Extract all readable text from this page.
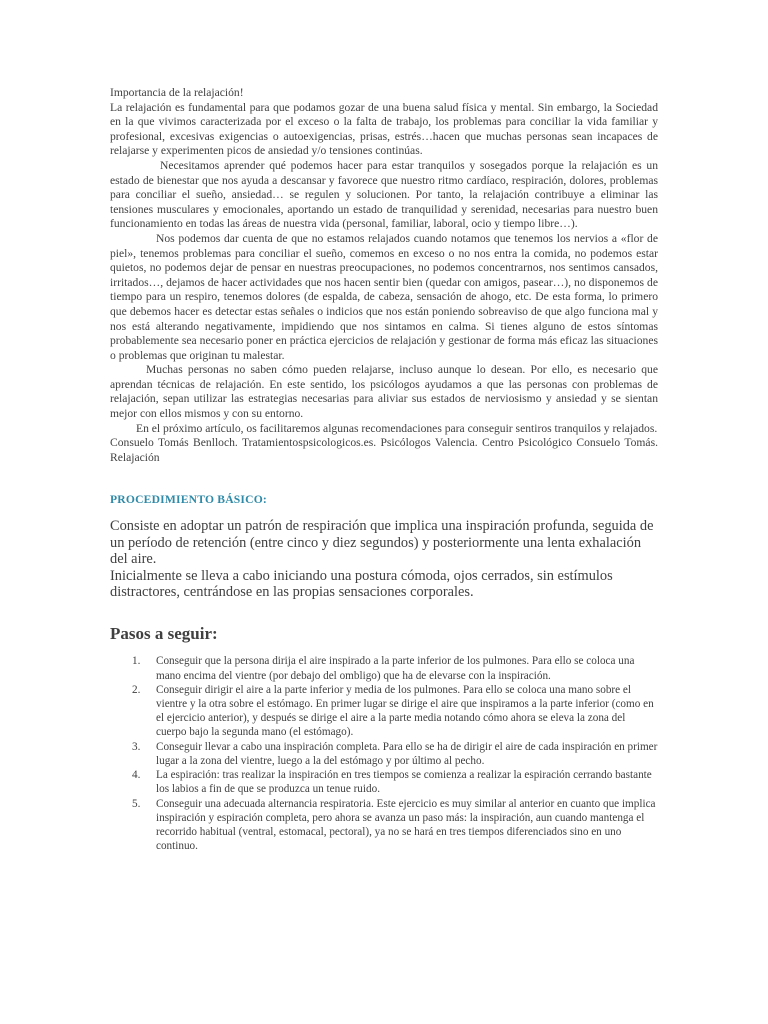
Importancia de la relajación!

La relajación es fundamental para que podamos gozar de una buena salud física y mental. Sin embargo, la Sociedad en la que vivimos caracterizada por el exceso o la falta de trabajo, los problemas para conciliar la vida familiar y profesional, excesivas exigencias o autoexigencias, prisas, estrés…hacen que muchas personas sean incapaces de relajarse y experimenten picos de ansiedad y/o tensiones continúas.

Necesitamos aprender qué podemos hacer para estar tranquilos y sosegados porque la relajación es un estado de bienestar que nos ayuda a descansar y favorece que nuestro ritmo cardíaco, respiración, dolores, problemas para conciliar el sueño, ansiedad… se regulen y solucionen. Por tanto, la relajación contribuye a eliminar las tensiones musculares y emocionales, aportando un estado de tranquilidad y serenidad, necesarias para nuestro buen funcionamiento en todas las áreas de nuestra vida (personal, familiar, laboral, ocio y tiempo libre…).

Nos podemos dar cuenta de que no estamos relajados cuando notamos que tenemos los nervios a «flor de piel», tenemos problemas para conciliar el sueño, comemos en exceso o no nos entra la comida, no podemos estar quietos, no podemos dejar de pensar en nuestras preocupaciones, no podemos concentrarnos, nos sentimos cansados, irritados…, dejamos de hacer actividades que nos hacen sentir bien (quedar con amigos, pasear…), no disponemos de tiempo para un respiro, tenemos dolores (de espalda, de cabeza, sensación de ahogo, etc. De esta forma, lo primero que debemos hacer es detectar estas señales o indicios que nos están poniendo sobreaviso de que algo funciona mal y nos está alterando negativamente, impidiendo que nos sintamos en calma. Si tienes alguno de estos síntomas probablemente sea necesario poner en práctica ejercicios de relajación y gestionar de forma más eficaz las situaciones o problemas que originan tu malestar.

Muchas personas no saben cómo pueden relajarse, incluso aunque lo desean. Por ello, es necesario que aprendan técnicas de relajación. En este sentido, los psicólogos ayudamos a que las personas con problemas de relajación, sepan utilizar las estrategias necesarias para aliviar sus estados de nerviosismo y ansiedad y se sientan mejor con ellos mismos y con su entorno.

En el próximo artículo, os facilitaremos algunas recomendaciones para conseguir sentiros tranquilos y relajados.

Consuelo Tomás Benlloch. Tratamientospsicologicos.es. Psicólogos Valencia. Centro Psicológico Consuelo Tomás. Relajación

PROCEDIMIENTO BÁSICO:

Consiste en adoptar un patrón de respiración que implica una inspiración profunda, seguida de un período de retención (entre cinco y diez segundos) y posteriormente una lenta exhalación del aire.

Inicialmente se lleva a cabo iniciando una postura cómoda, ojos cerrados, sin estímulos distractores, centrándose en las propias sensaciones corporales.

Pasos a seguir:
1. Conseguir que la persona dirija el aire inspirado a la parte inferior de los pulmones. Para ello se coloca una mano encima del vientre (por debajo del ombligo) que ha de elevarse con la inspiración.
2. Conseguir dirigir el aire a la parte inferior y media de los pulmones. Para ello se coloca una mano sobre el vientre y la otra sobre el estómago. En primer lugar se dirige el aire que inspiramos a la parte inferior (como en el ejercicio anterior), y después se dirige el aire a la parte media notando cómo ahora se eleva la zona del cuerpo bajo la segunda mano (el estómago).
3. Conseguir llevar a cabo una inspiración completa. Para ello se ha de dirigir el aire de cada inspiración en primer lugar a la zona del vientre, luego a la del estómago y por último al pecho.
4. La espiración: tras realizar la inspiración en tres tiempos se comienza a realizar la espiración cerrando bastante los labios a fin de que se produzca un tenue ruido.
5. Conseguir una adecuada alternancia respiratoria. Este ejercicio es muy similar al anterior en cuanto que implica inspiración y espiración completa, pero ahora se avanza un paso más: la inspiración, aun cuando mantenga el recorrido habitual (ventral, estomacal, pectoral), ya no se hará en tres tiempos diferenciados sino en uno continuo.
